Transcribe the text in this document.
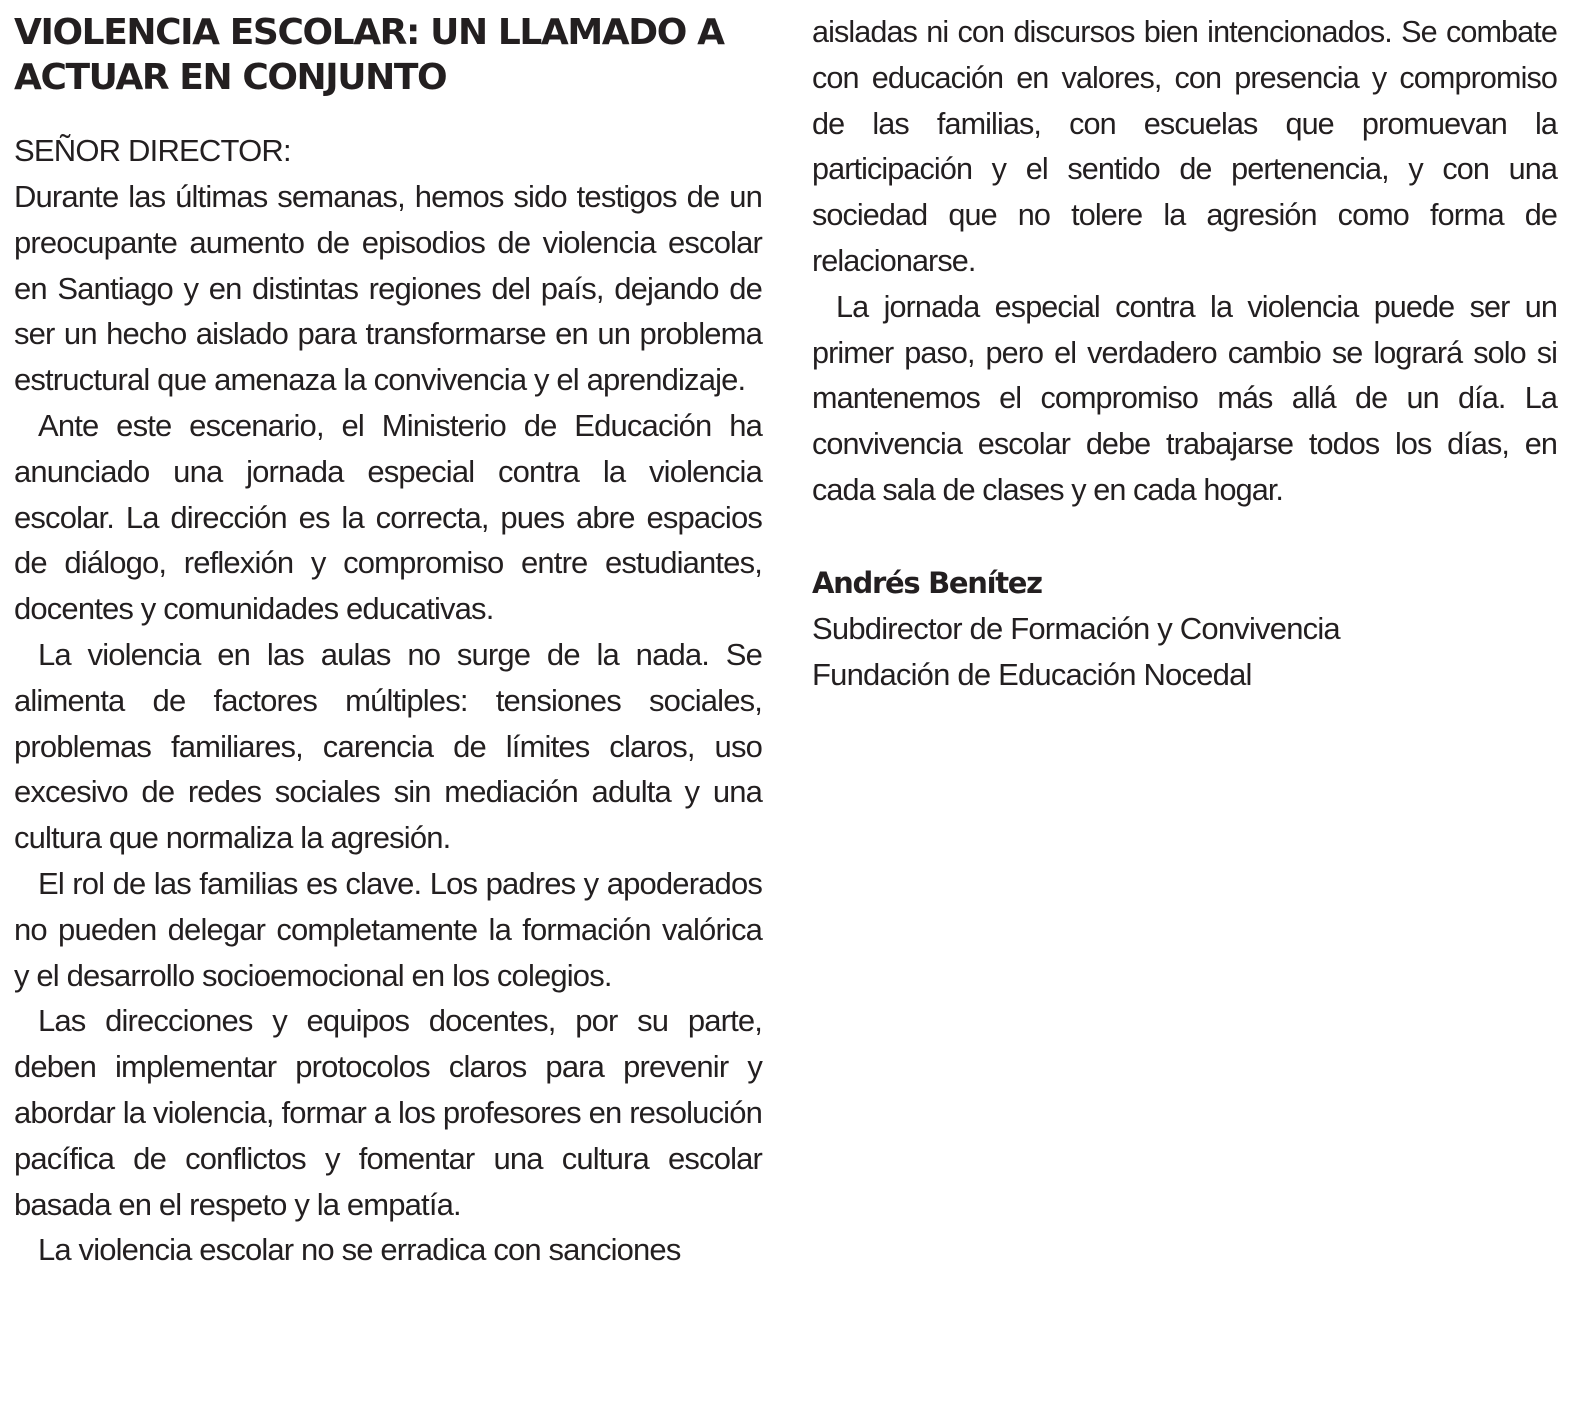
VIOLENCIA ESCOLAR: UN LLAMADO A ACTUAR EN CONJUNTO
SEÑOR DIRECTOR:

Durante las últimas semanas, hemos sido testigos de un preocupante aumento de episodios de violencia escolar en Santiago y en distintas regiones del país, dejando de ser un hecho aislado para transformarse en un problema estructural que amenaza la convivencia y el aprendizaje.

Ante este escenario, el Ministerio de Educación ha anunciado una jornada especial contra la violencia escolar. La dirección es la correcta, pues abre espacios de diálogo, reflexión y compromiso entre estudiantes, docentes y comunidades educativas.

La violencia en las aulas no surge de la nada. Se alimenta de factores múltiples: tensiones sociales, problemas familiares, carencia de límites claros, uso excesivo de redes sociales sin mediación adulta y una cultura que normaliza la agresión.

El rol de las familias es clave. Los padres y apoderados no pueden delegar completamente la formación valórica y el desarrollo socioemocional en los colegios.

Las direcciones y equipos docentes, por su parte, deben implementar protocolos claros para prevenir y abordar la violencia, formar a los profesores en resolución pacífica de conflictos y fomentar una cultura escolar basada en el respeto y la empatía.

La violencia escolar no se erradica con sanciones

aisladas ni con discursos bien intencionados. Se combate con educación en valores, con presencia y compromiso de las familias, con escuelas que promuevan la participación y el sentido de pertenencia, y con una sociedad que no tolere la agresión como forma de relacionarse.

La jornada especial contra la violencia puede ser un primer paso, pero el verdadero cambio se logrará solo si mantenemos el compromiso más allá de un día. La convivencia escolar debe trabajarse todos los días, en cada sala de clases y en cada hogar.

Andrés Benítez
Subdirector de Formación y Convivencia
Fundación de Educación Nocedal
